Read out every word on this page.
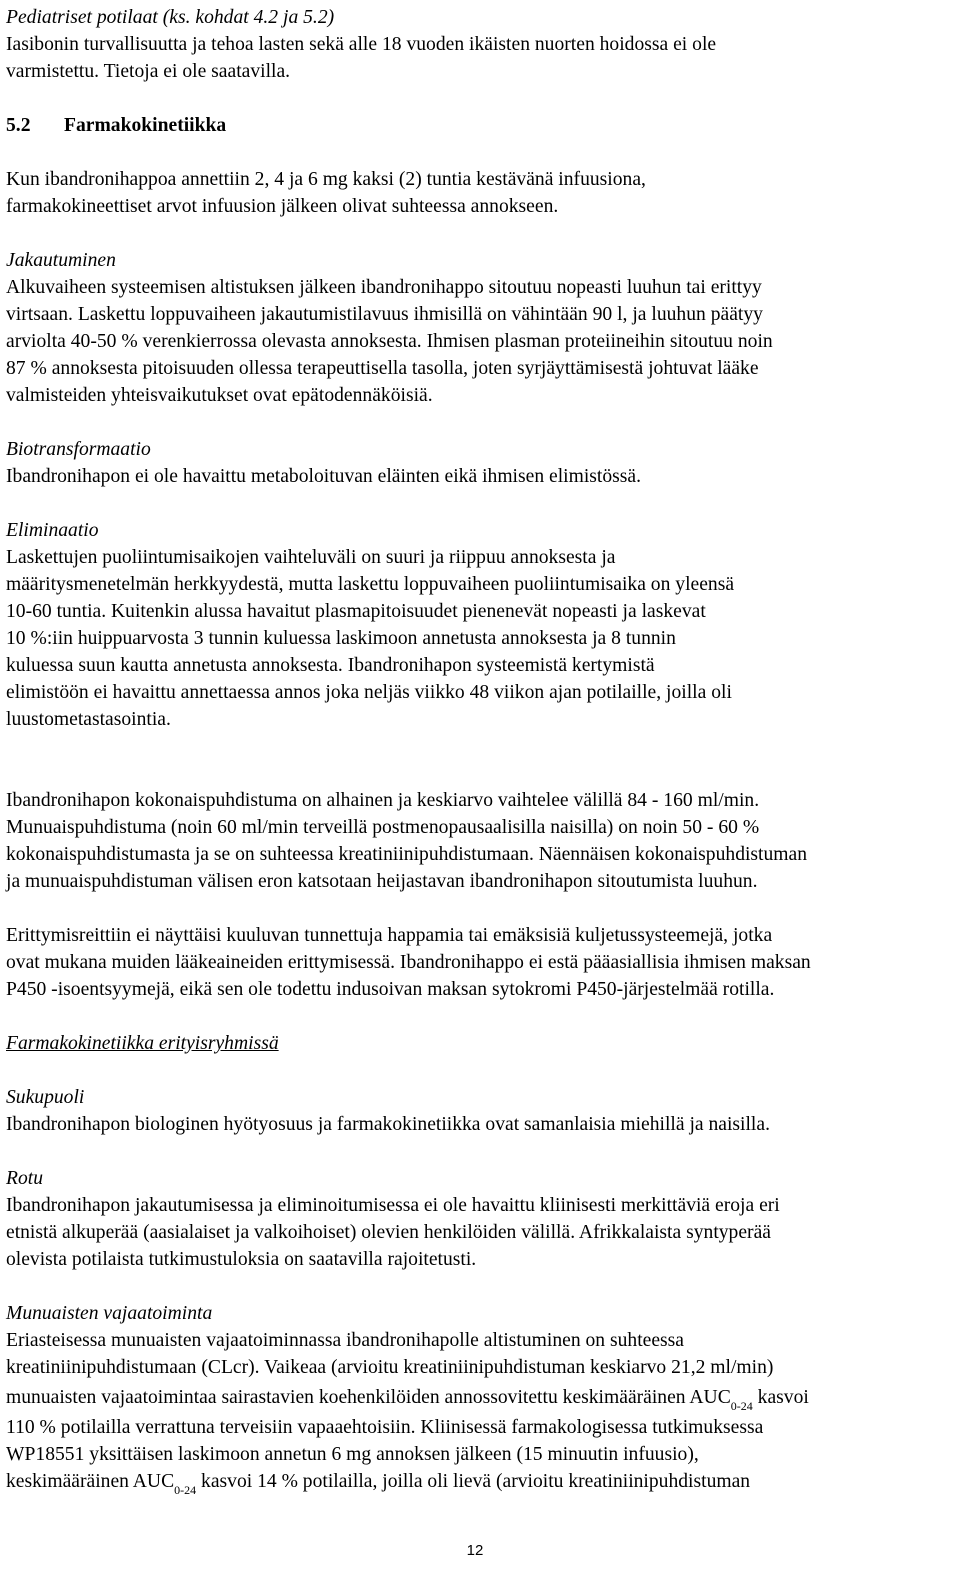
Pediatriset potilaat (ks. kohdat 4.2 ja 5.2)

Iasibonin turvallisuutta ja tehoa lasten sekä alle 18 vuoden ikäisten nuorten hoidossa ei ole
varmistettu. Tietoja ei ole saatavilla.

5.2 Farmakokinetiikka

Kun ibandronihappoa annettiin 2, 4 ja 6 mg kaksi (2) tuntia kestävänä infuusiona,
farmakokineettiset arvot infuusion jälkeen olivat suhteessa annokseen.

Jakautuminen

Alkuvaiheen systeemisen altistuksen jälkeen ibandronihappo sitoutuu nopeasti luuhun tai erittyy
virtsaan. Laskettu loppuvaiheen jakautumistilavuus ihmisillä on vähintään 90 l, ja luuhun päätyy
arviolta 40-50 % verenkierrossa olevasta annoksesta. Ihmisen plasman proteiineihin sitoutuu noin
87 % annoksesta pitoisuuden ollessa terapeuttisella tasolla, joten syrjäyttämisestä johtuvat lääke
valmisteiden yhteisvaikutukset ovat epätodennäköisiä.

Biotransformaatio

Ibandronihapon ei ole havaittu metaboloituvan eläinten eikä ihmisen elimistössä.

Eliminaatio

Laskettujen puoliintumisaikojen vaihteluväli on suuri ja riippuu annoksesta ja
määritysmenetelmän herkkyydestä, mutta laskettu loppuvaiheen puoliintumisaika on yleensä
10-60 tuntia. Kuitenkin alussa havaitut plasmapitoisuudet pienenevät nopeasti ja laskevat
10 %:iin huippuarvosta 3 tunnin kuluessa laskimoon annetusta annoksesta ja 8 tunnin
kuluessa suun kautta annetusta annoksesta. Ibandronihapon systeemistä kertymistä
elimistöön ei havaittu annettaessa annos joka neljäs viikko 48 viikon ajan potilaille, joilla oli
luustometastasointia.
Ibandronihapon kokonaispuhdistuma on alhainen ja keskiarvo vaihtelee välillä 84 - 160 ml/min.
Munuaispuhdistuma (noin 60 ml/min terveillä postmenopausaalisilla naisilla) on noin 50 - 60 %
kokonaispuhdistumasta ja se on suhteessa kreatiniinipuhdistumaan. Näennäisen kokonaispuhdistuman
ja munuaispuhdistuman välisen eron katsotaan heijastavan ibandronihapon sitoutumista luuhun.
Erittymisreittiin ei näyttäisi kuuluvan tunnettuja happamia tai emäksisiä kuljetussysteemejä, jotka
ovat mukana muiden lääkeaineiden erittymisessä. Ibandronihappo ei estä pääasiallisia ihmisen maksan
P450 -isoentsyymejä, eikä sen ole todettu indusoivan maksan sytokromi P450-järjestelmää rotilla.

Farmakokinetiikka erityisryhmissä

Sukupuoli

Ibandronihapon biologinen hyötyosuus ja farmakokinetiikka ovat samanlaisia miehillä ja naisilla.

Rotu

Ibandronihapon jakautumisessa ja eliminoitumisessa ei ole havaittu kliinisesti merkittäviä eroja eri
etnistä alkuperää (aasialaiset ja valkoihoiset) olevien henkilöiden välillä. Afrikkalaista syntyperää
olevista potilaista tutkimustuloksia on saatavilla rajoitetusti.

Munuaisten vajaatoiminta

Eriasteisessa munuaisten vajaatoiminnassa ibandronihapolle altistuminen on suhteessa
kreatiniinipuhdistumaan (CLcr). Vaikeaa (arvioitu kreatiniinipuhdistuman keskiarvo 21,2 ml/min)
munuaisten vajaatoimintaa sairastavien koehenkilöiden annossovitettu keskimääräinen $AUC_{0-24}$ kasvoi
110 % potilailla verrattuna terveisiin vapaaehtoisiin. Kliinisessä farmakologisessa tutkimuksessa
WP18551 yksittäisen laskimoon annetun 6 mg annoksen jälkeen (15 minuutin infuusio),
keskimääräinen $AUC_{0-24}$ kasvoi 14 % potilailla, joilla oli lievä (arvioitu kreatiniinipuhdistuman
12
